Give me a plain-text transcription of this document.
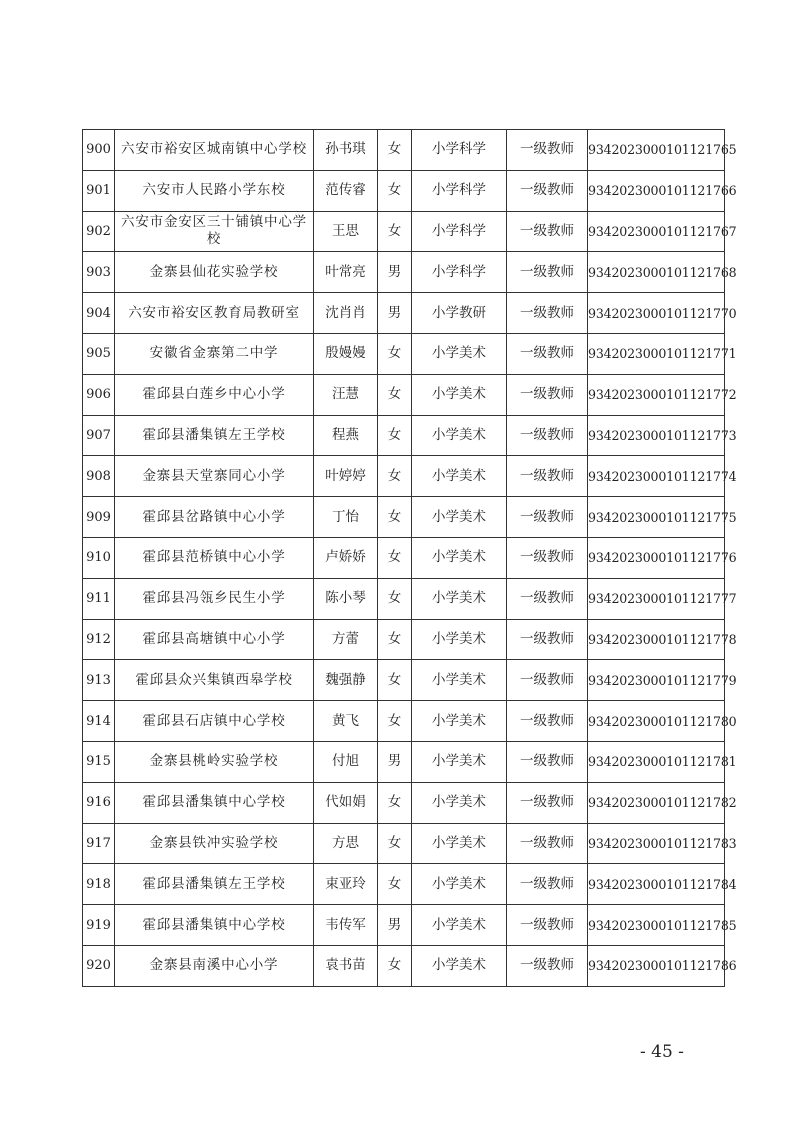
900	六安市裕安区城南镇中心学校	孙书琪	女	小学科学	一级教师	9342023000101121765
901	六安市人民路小学东校	范传睿	女	小学科学	一级教师	9342023000101121766
902	六安市金安区三十铺镇中心学校	王思	女	小学科学	一级教师	9342023000101121767
903	金寨县仙花实验学校	叶常亮	男	小学科学	一级教师	9342023000101121768
904	六安市裕安区教育局教研室	沈肖肖	男	小学教研	一级教师	9342023000101121770
905	安徽省金寨第二中学	殷嫚嫚	女	小学美术	一级教师	9342023000101121771
906	霍邱县白莲乡中心小学	汪慧	女	小学美术	一级教师	9342023000101121772
907	霍邱县潘集镇左王学校	程燕	女	小学美术	一级教师	9342023000101121773
908	金寨县天堂寨同心小学	叶婷婷	女	小学美术	一级教师	9342023000101121774
909	霍邱县岔路镇中心小学	丁怡	女	小学美术	一级教师	9342023000101121775
910	霍邱县范桥镇中心小学	卢娇娇	女	小学美术	一级教师	9342023000101121776
911	霍邱县冯瓴乡民生小学	陈小琴	女	小学美术	一级教师	9342023000101121777
912	霍邱县高塘镇中心小学	方蕾	女	小学美术	一级教师	9342023000101121778
913	霍邱县众兴集镇西皋学校	魏强静	女	小学美术	一级教师	9342023000101121779
914	霍邱县石店镇中心学校	黄飞	女	小学美术	一级教师	9342023000101121780
915	金寨县桃岭实验学校	付旭	男	小学美术	一级教师	9342023000101121781
916	霍邱县潘集镇中心学校	代如娟	女	小学美术	一级教师	9342023000101121782
917	金寨县铁冲实验学校	方思	女	小学美术	一级教师	9342023000101121783
918	霍邱县潘集镇左王学校	束亚玲	女	小学美术	一级教师	9342023000101121784
919	霍邱县潘集镇中心学校	韦传军	男	小学美术	一级教师	9342023000101121785
920	金寨县南溪中心小学	袁书苗	女	小学美术	一级教师	9342023000101121786
- 45 -
